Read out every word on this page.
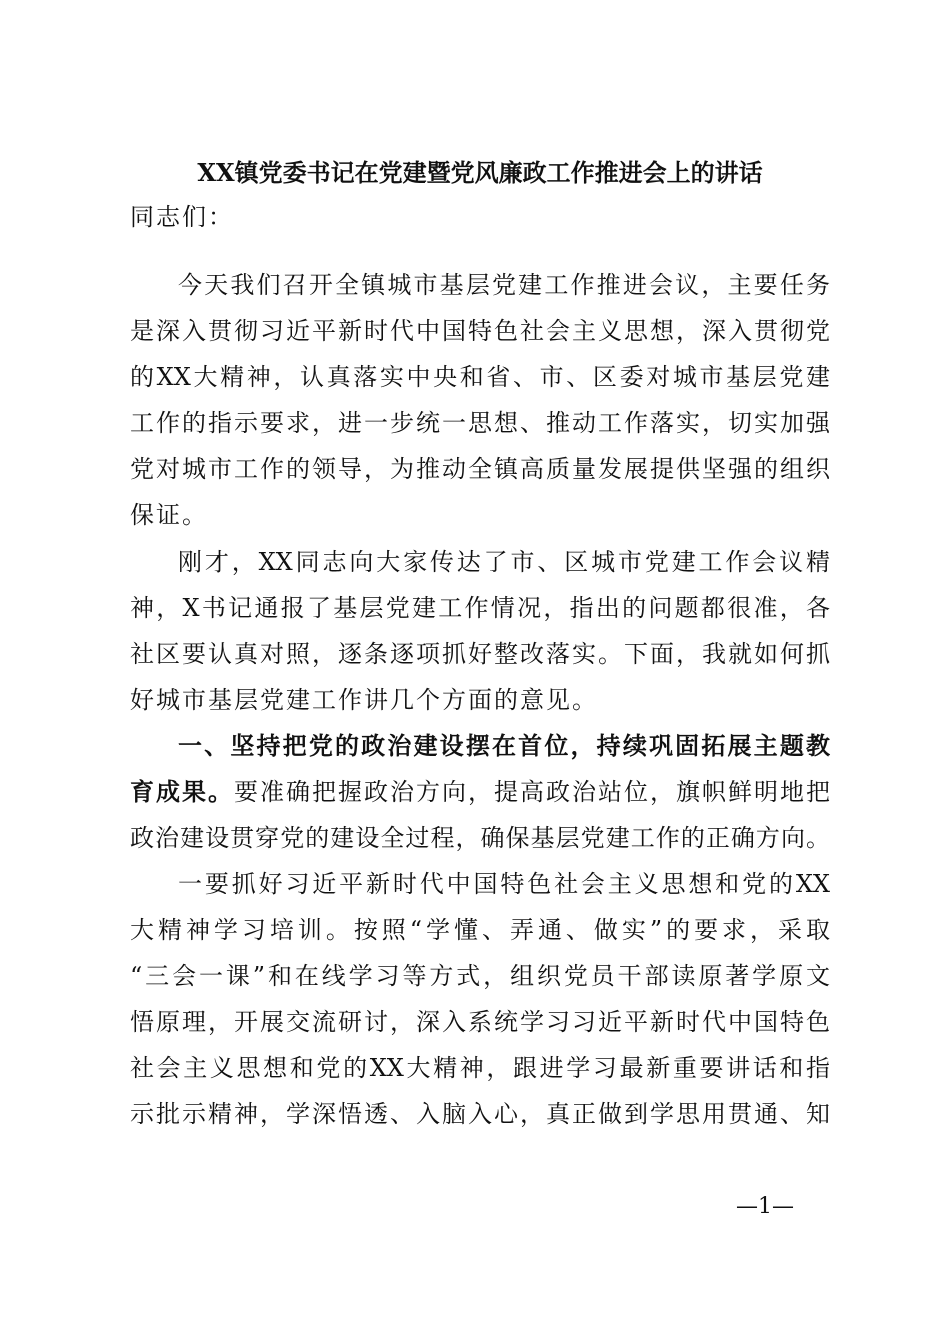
XX镇党委书记在党建暨党风廉政工作推进会上的讲话
同志们：
今天我们召开全镇城市基层党建工作推进会议，主要任务
是深入贯彻习近平新时代中国特色社会主义思想，深入贯彻党
的XX大精神，认真落实中央和省、市、区委对城市基层党建
工作的指示要求，进一步统一思想、推动工作落实，切实加强
党对城市工作的领导，为推动全镇高质量发展提供坚强的组织
保证。
刚才，XX同志向大家传达了市、区城市党建工作会议精
神，X书记通报了基层党建工作情况，指出的问题都很准，各
社区要认真对照，逐条逐项抓好整改落实。下面，我就如何抓
好城市基层党建工作讲几个方面的意见。
一、坚持把党的政治建设摆在首位，持续巩固拓展主题教
育成果。要准确把握政治方向，提高政治站位，旗帜鲜明地把
政治建设贯穿党的建设全过程，确保基层党建工作的正确方向。
一要抓好习近平新时代中国特色社会主义思想和党的XX
大精神学习培训。按照“学懂、弄通、做实”的要求，采取
“三会一课”和在线学习等方式，组织党员干部读原著学原文
悟原理，开展交流研讨，深入系统学习习近平新时代中国特色
社会主义思想和党的XX大精神，跟进学习最新重要讲话和指
示批示精神，学深悟透、入脑入心，真正做到学思用贯通、知
—1—
